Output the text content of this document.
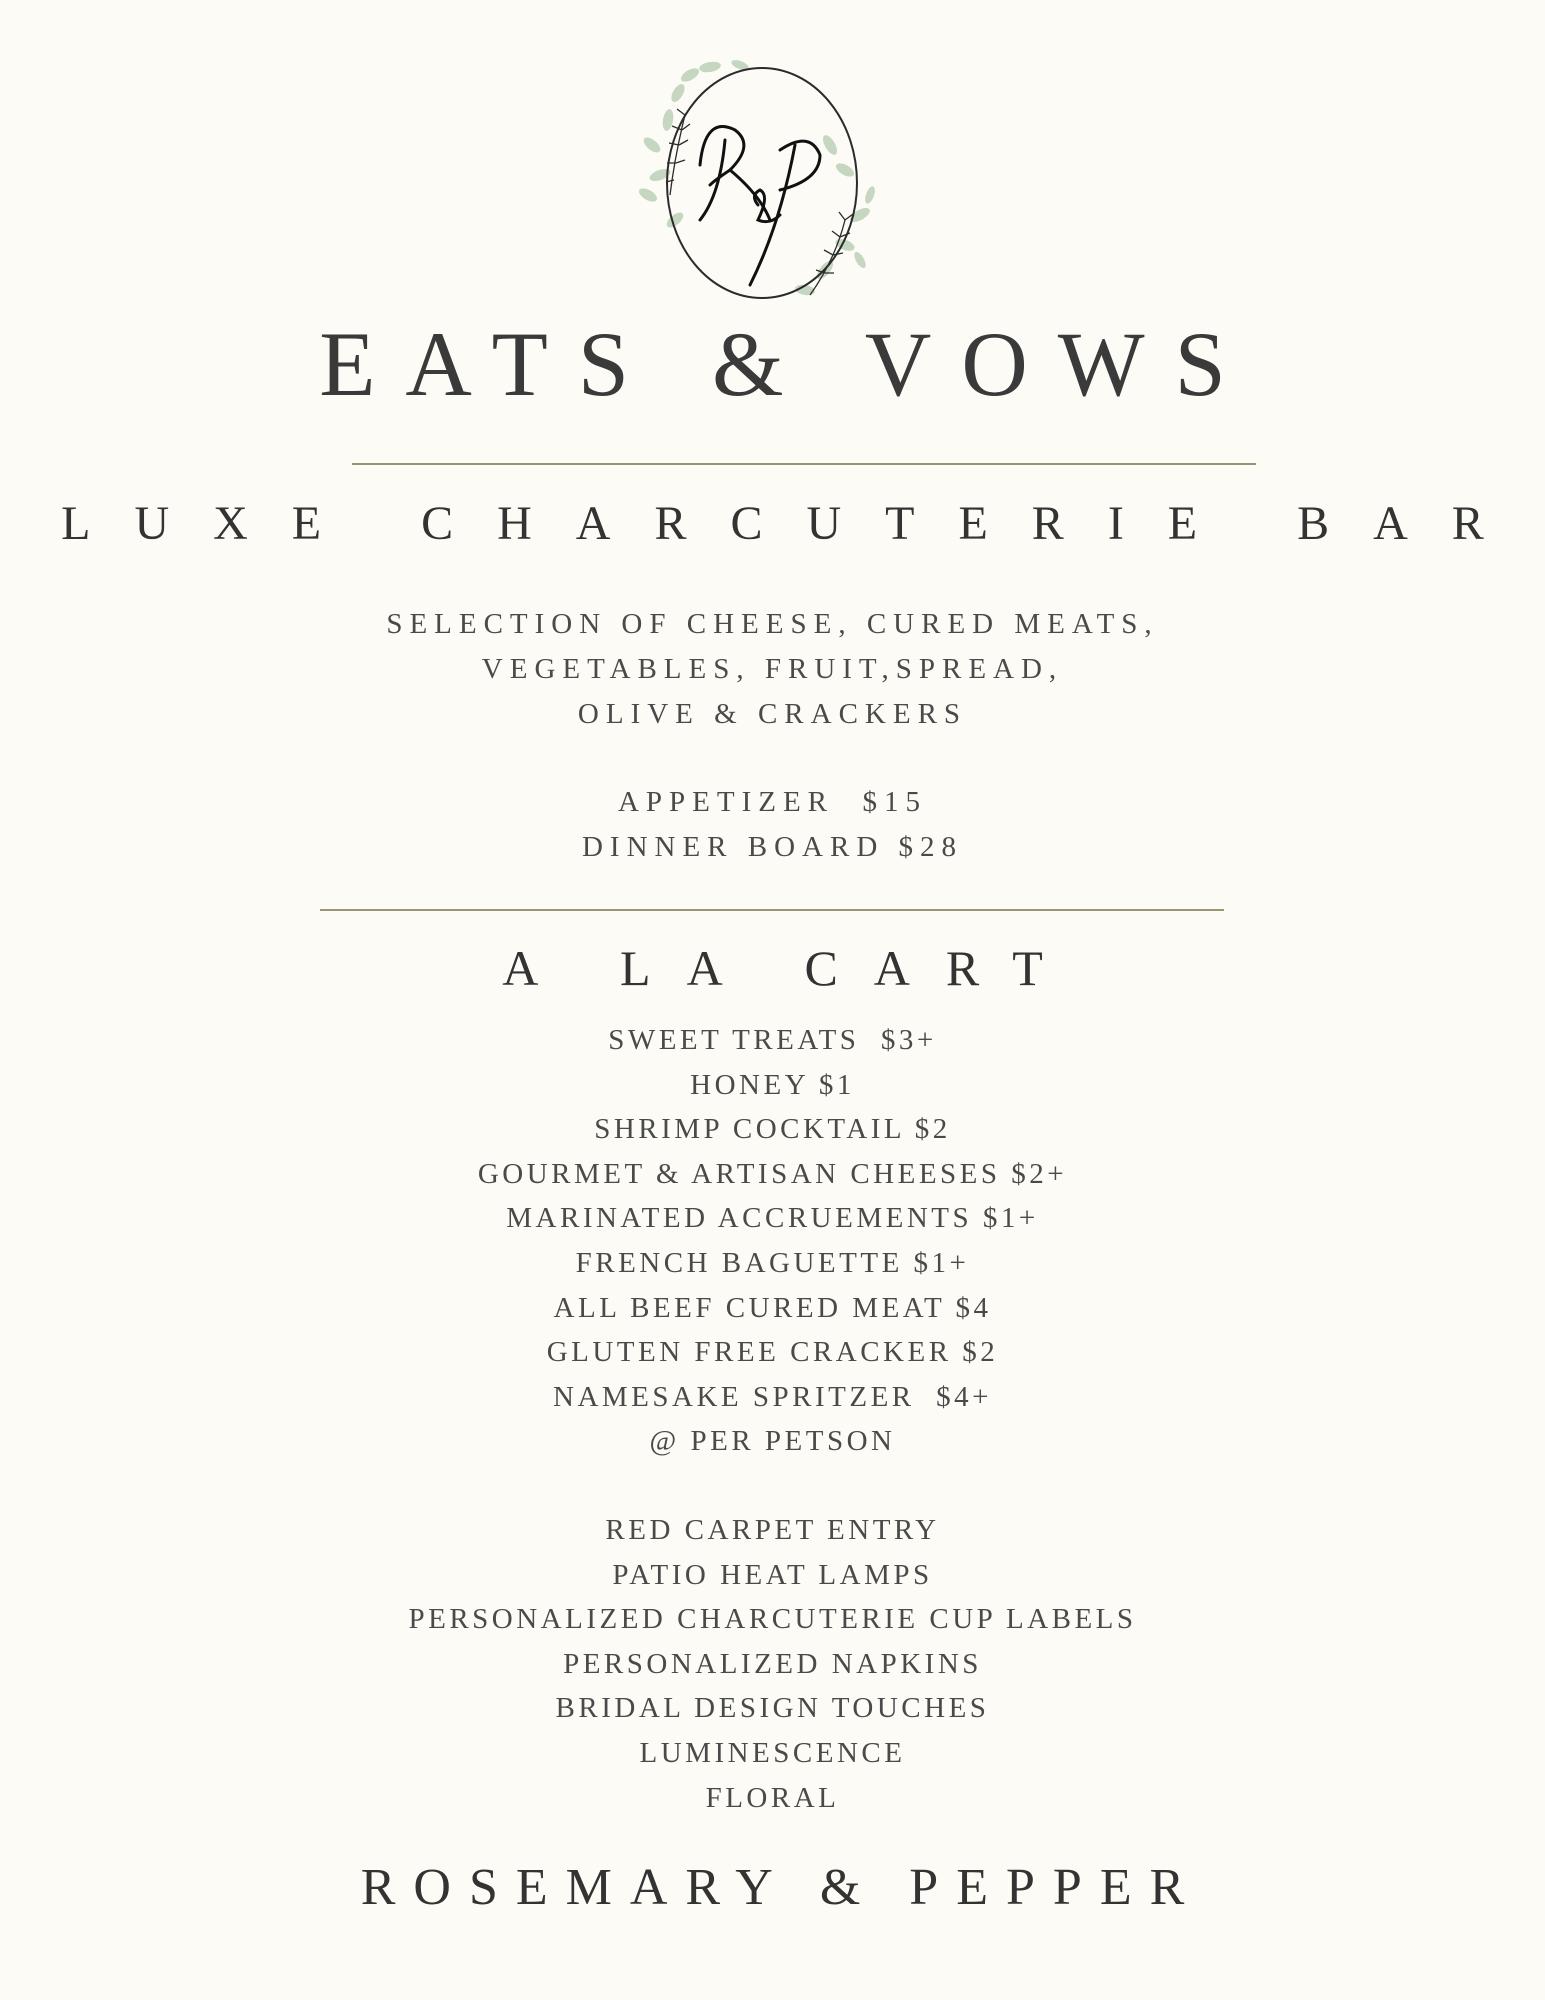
EATS & VOWS
LUXE CHARCUTERIE BAR
SELECTION OF CHEESE, CURED MEATS,
VEGETABLES, FRUIT,SPREAD,
OLIVE & CRACKERS
APPETIZER  $15
DINNER BOARD $28
A LA CART
SWEET TREATS  $3+
HONEY $1
SHRIMP COCKTAIL $2
GOURMET & ARTISAN CHEESES $2+
MARINATED ACCRUEMENTS $1+
FRENCH BAGUETTE $1+
ALL BEEF CURED MEAT $4
GLUTEN FREE CRACKER $2
NAMESAKE SPRITZER  $4+
@ PER PETSON
RED CARPET ENTRY
PATIO HEAT LAMPS
PERSONALIZED CHARCUTERIE CUP LABELS
PERSONALIZED NAPKINS
BRIDAL DESIGN TOUCHES
LUMINESCENCE
FLORAL
ROSEMARY & PEPPER
